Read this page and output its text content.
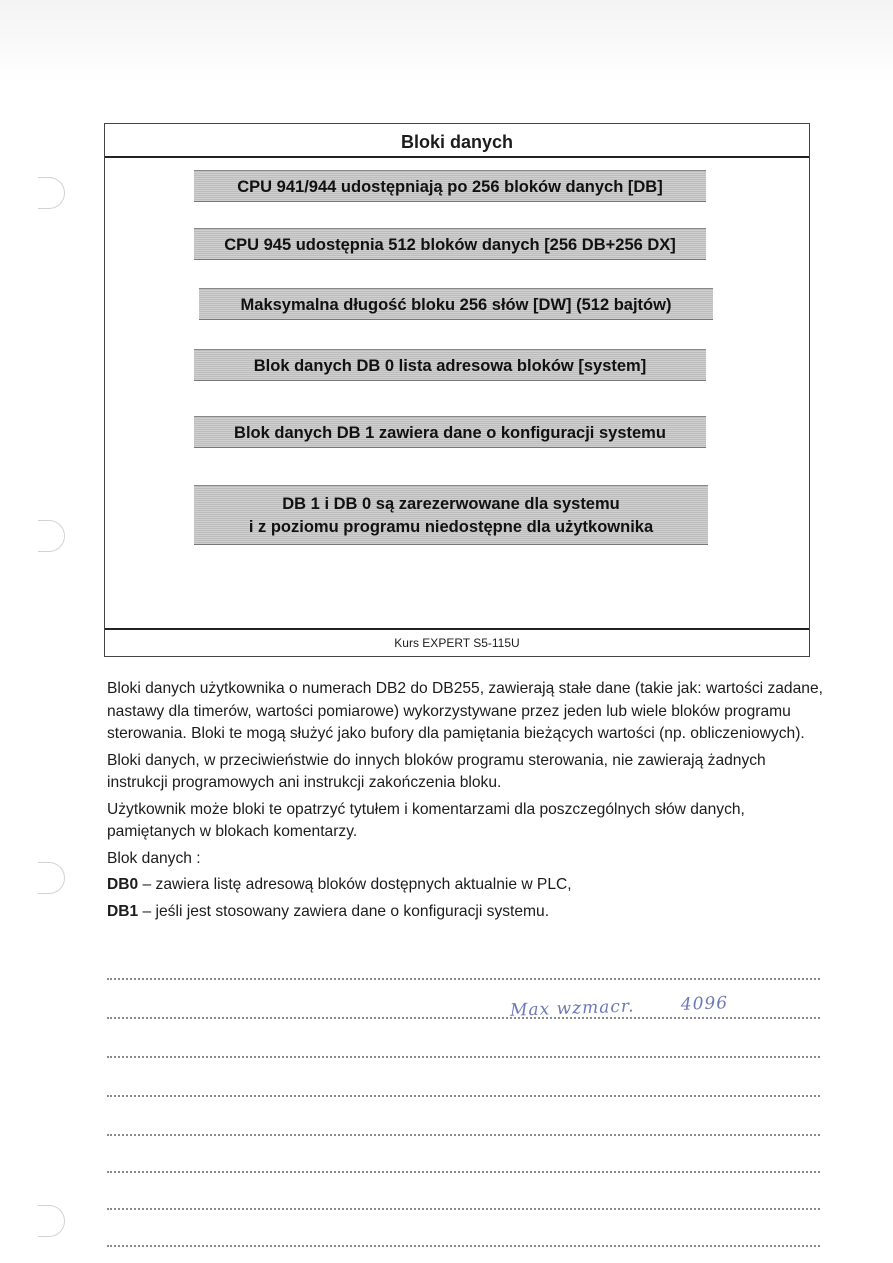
Bloki danych
CPU 941/944 udostępniają po 256 bloków danych [DB]
CPU 945 udostępnia 512 bloków danych [256 DB+256 DX]
Maksymalna długość bloku 256 słów [DW] (512 bajtów)
Blok danych DB 0 lista adresowa bloków [system]
Blok danych DB 1 zawiera dane o konfiguracji systemu
DB 1 i DB 0 są zarezerwowane dla systemu
i z poziomu programu niedostępne dla użytkownika
Kurs EXPERT S5-115U

Bloki danych użytkownika o numerach DB2 do DB255, zawierają stałe dane (takie jak: wartości zadane, nastawy dla timerów, wartości pomiarowe) wykorzystywane przez jeden lub wiele bloków programu sterowania. Bloki te mogą służyć jako bufory dla pamiętania bieżących wartości (np. obliczeniowych).

Bloki danych, w przeciwieństwie do innych bloków programu sterowania, nie zawierają żadnych instrukcji programowych ani instrukcji zakończenia bloku.

Użytkownik może bloki te opatrzyć tytułem i komentarzami dla poszczególnych słów danych, pamiętanych w blokach komentarzy.

Blok danych :

DB0 – zawiera listę adresową bloków dostępnych aktualnie w PLC,

DB1 – jeśli jest stosowany zawiera dane o konfiguracji systemu.

Max wzmacr.	4096
